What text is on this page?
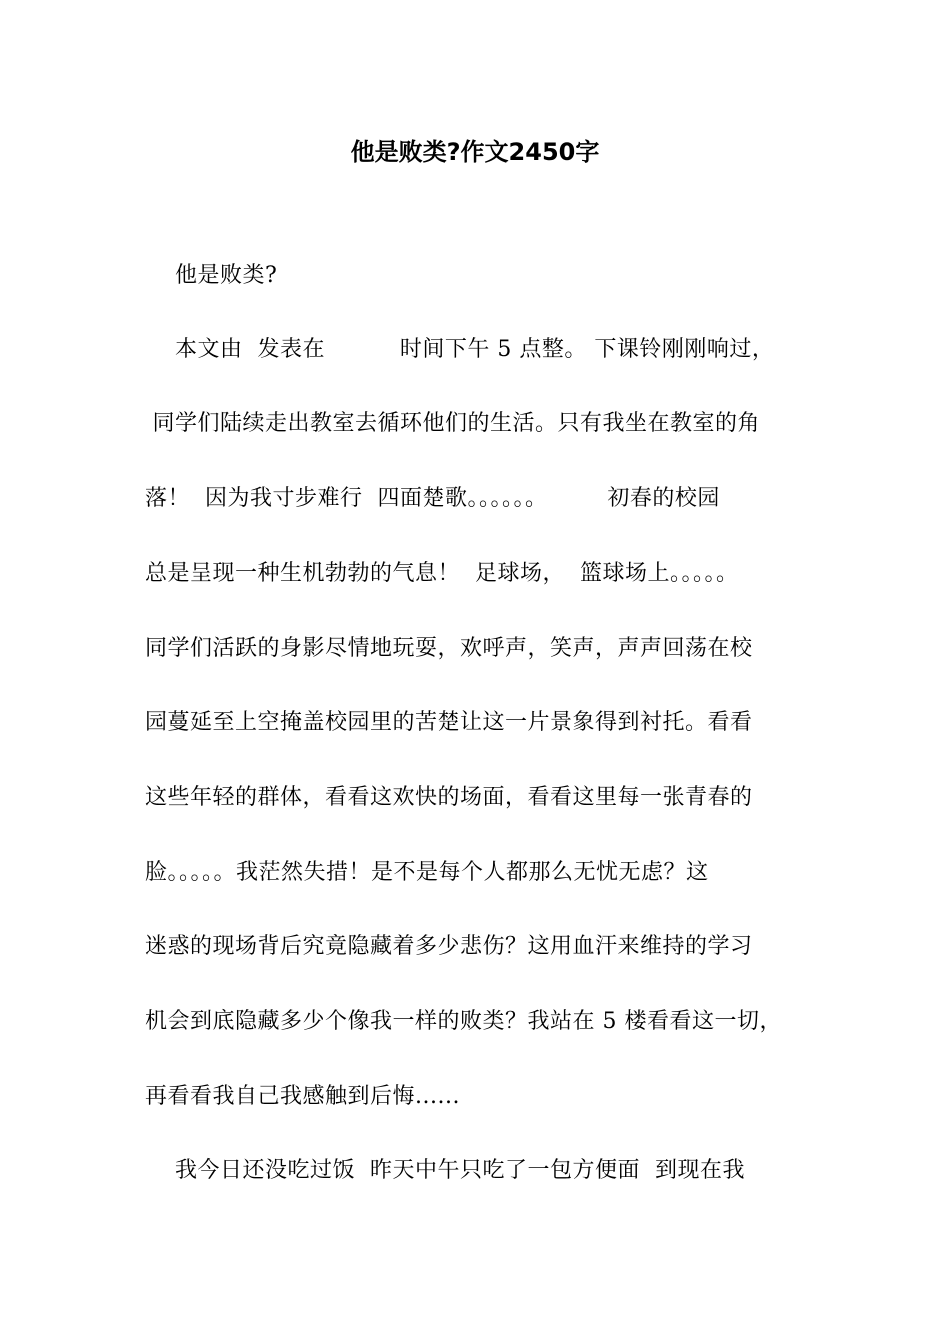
他是败类?作文2450字
他是败类?
本文由  发表在          时间下午 5 点整。 下课铃刚刚响过，
同学们陆续走出教室去循环他们的生活。只有我坐在教室的角
落！  因为我寸步难行  四面楚歌。。。。。。        初春的校园
总是呈现一种生机勃勃的气息！  足球场，  篮球场上。。。。。
同学们活跃的身影尽情地玩耍，欢呼声，笑声，声声回荡在校
园蔓延至上空掩盖校园里的苦楚让这一片景象得到衬托。看看
这些年轻的群体，看看这欢快的场面，看看这里每一张青春的
脸。。。。。我茫然失措！是不是每个人都那么无忧无虑？这
迷惑的现场背后究竟隐藏着多少悲伤？这用血汗来维持的学习
机会到底隐藏多少个像我一样的败类？我站在 5 楼看看这一切，
再看看我自己我感触到后悔......
我今日还没吃过饭  昨天中午只吃了一包方便面  到现在我
